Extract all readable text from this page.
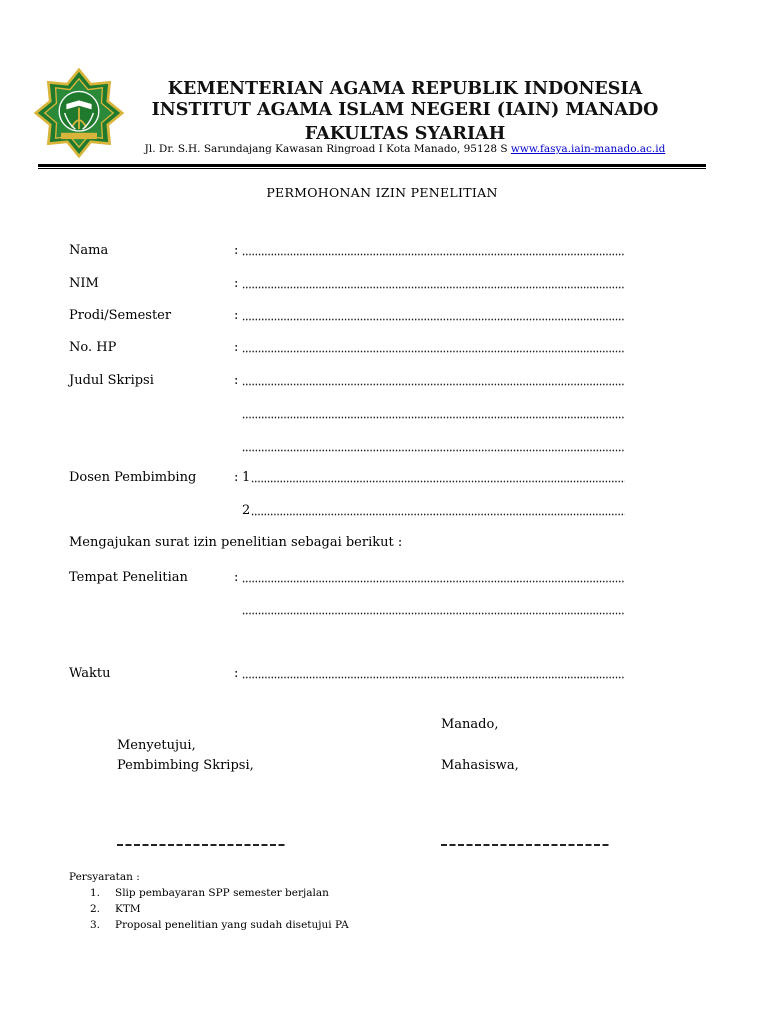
KEMENTERIAN AGAMA REPUBLIK INDONESIA
INSTITUT AGAMA ISLAM NEGERI (IAIN) MANADO
FAKULTAS SYARIAH
Jl. Dr. S.H. Sarundajang Kawasan Ringroad I Kota Manado, 95128 S www.fasya.iain-manado.ac.id
PERMOHONAN IZIN PENELITIAN
Nama	:
NIM	:
Prodi/Semester	:
No. HP	:
Judul Skripsi	:
Dosen Pembimbing	: 1
2
Mengajukan surat izin penelitian sebagai berikut :
Tempat Penelitian	:
Waktu	:
Manado,
Menyetujui,
Pembimbing Skripsi,	Mahasiswa,
Persyaratan :
1. Slip pembayaran SPP semester berjalan
2. KTM
3. Proposal penelitian yang sudah disetujui PA
